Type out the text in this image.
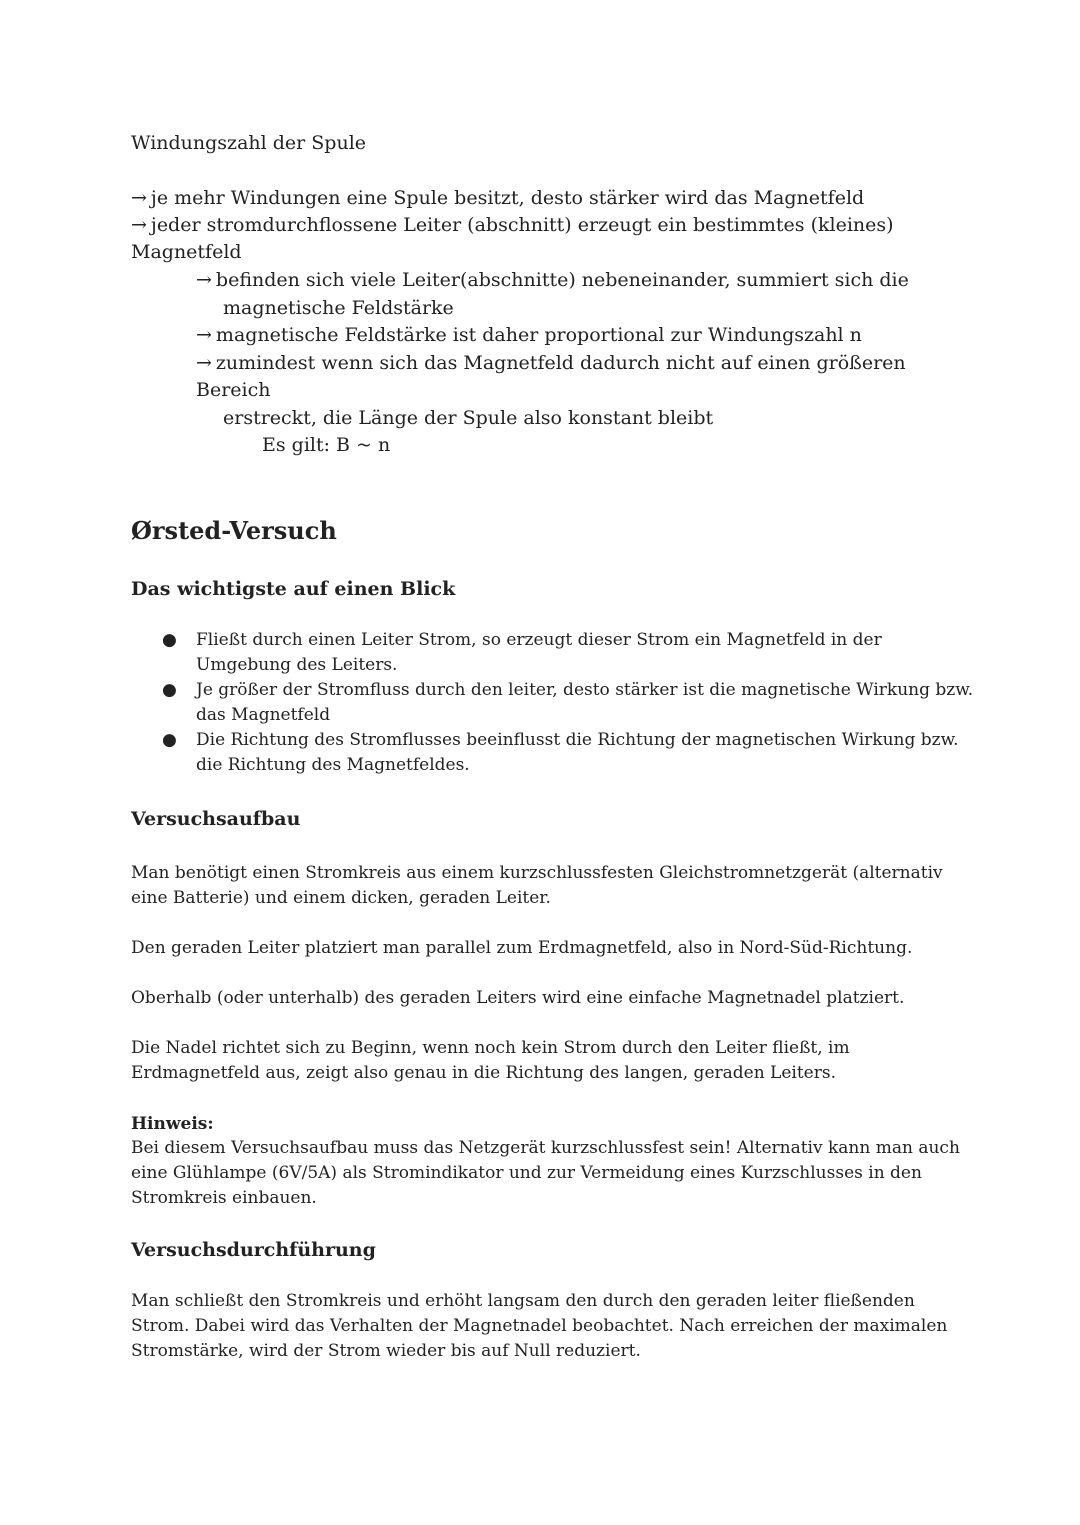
Windungszahl der Spule
→ je mehr Windungen eine Spule besitzt, desto stärker wird das Magnetfeld
→ jeder stromdurchflossene Leiter (abschnitt) erzeugt ein bestimmtes (kleines)
Magnetfeld
→ befinden sich viele Leiter(abschnitte) nebeneinander, summiert sich die
magnetische Feldstärke
→ magnetische Feldstärke ist daher proportional zur Windungszahl n
→ zumindest wenn sich das Magnetfeld dadurch nicht auf einen größeren
Bereich
erstreckt, die Länge der Spule also konstant bleibt
Es gilt: B ~ n
Ørsted-Versuch
Das wichtigste auf einen Blick
● Fließt durch einen Leiter Strom, so erzeugt dieser Strom ein Magnetfeld in der
Umgebung des Leiters.
● Je größer der Stromfluss durch den leiter, desto stärker ist die magnetische Wirkung bzw.
das Magnetfeld
● Die Richtung des Stromflusses beeinflusst die Richtung der magnetischen Wirkung bzw.
die Richtung des Magnetfeldes.
Versuchsaufbau
Man benötigt einen Stromkreis aus einem kurzschlussfesten Gleichstromnetzgerät (alternativ
eine Batterie) und einem dicken, geraden Leiter.
Den geraden Leiter platziert man parallel zum Erdmagnetfeld, also in Nord-Süd-Richtung.
Oberhalb (oder unterhalb) des geraden Leiters wird eine einfache Magnetnadel platziert.
Die Nadel richtet sich zu Beginn, wenn noch kein Strom durch den Leiter fließt, im
Erdmagnetfeld aus, zeigt also genau in die Richtung des langen, geraden Leiters.
Hinweis:
Bei diesem Versuchsaufbau muss das Netzgerät kurzschlussfest sein! Alternativ kann man auch
eine Glühlampe (6V/5A) als Stromindikator und zur Vermeidung eines Kurzschlusses in den
Stromkreis einbauen.
Versuchsdurchführung
Man schließt den Stromkreis und erhöht langsam den durch den geraden leiter fließenden
Strom. Dabei wird das Verhalten der Magnetnadel beobachtet. Nach erreichen der maximalen
Stromstärke, wird der Strom wieder bis auf Null reduziert.
